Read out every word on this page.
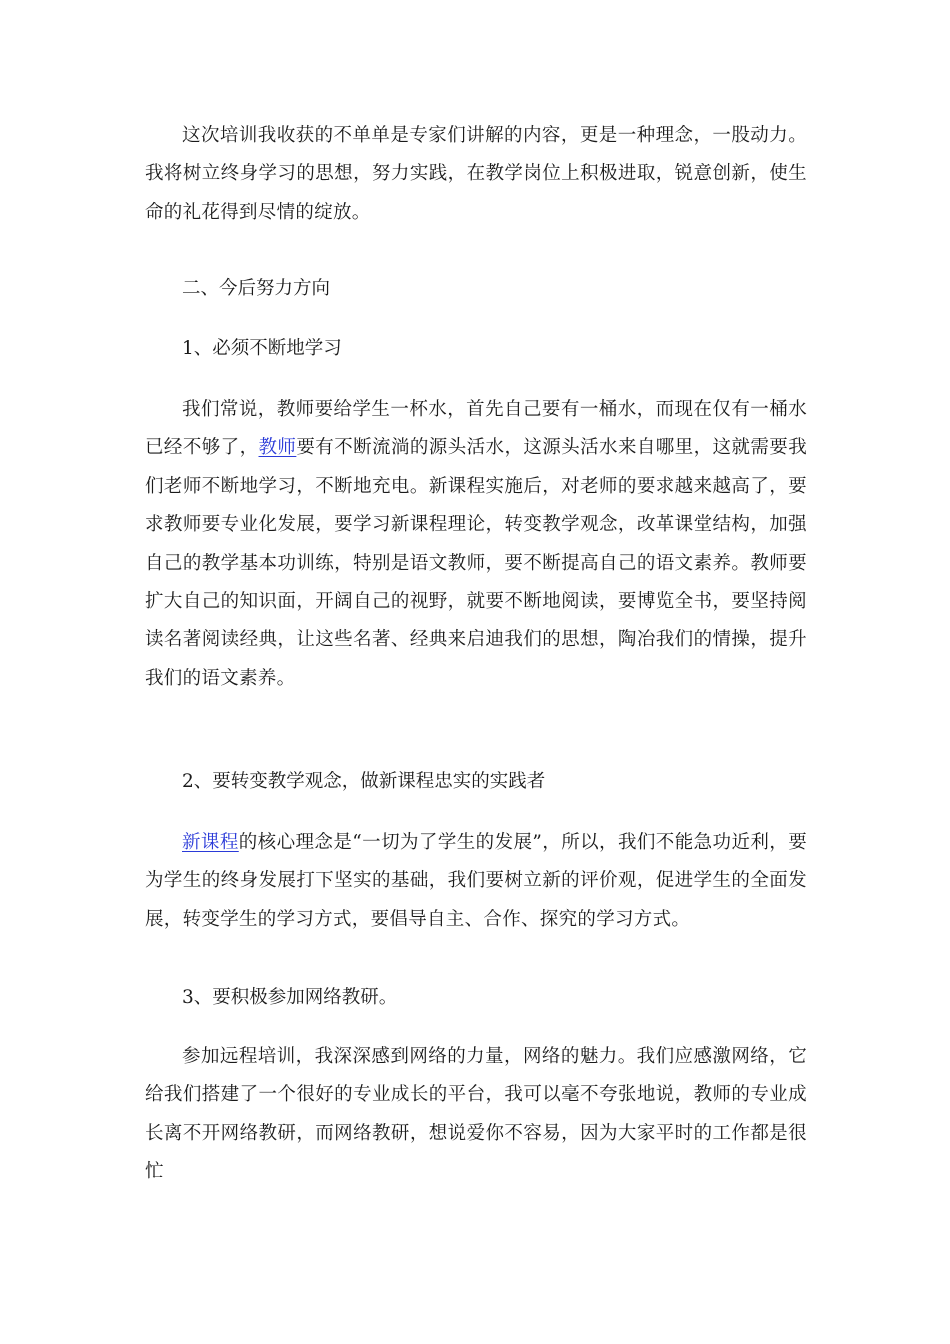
这次培训我收获的不单单是专家们讲解的内容，更是一种理念，一股动力。我将树立终身学习的思想，努力实践，在教学岗位上积极进取，锐意创新，使生命的礼花得到尽情的绽放。

二、今后努力方向

1、必须不断地学习

我们常说，教师要给学生一杯水，首先自己要有一桶水，而现在仅有一桶水已经不够了，教师要有不断流淌的源头活水，这源头活水来自哪里，这就需要我们老师不断地学习，不断地充电。新课程实施后，对老师的要求越来越高了，要求教师要专业化发展，要学习新课程理论，转变教学观念，改革课堂结构，加强自己的教学基本功训练，特别是语文教师，要不断提高自己的语文素养。教师要扩大自己的知识面，开阔自己的视野，就要不断地阅读，要博览全书，要坚持阅读名著阅读经典，让这些名著、经典来启迪我们的思想，陶冶我们的情操，提升我们的语文素养。

2、要转变教学观念，做新课程忠实的实践者

新课程的核心理念是“一切为了学生的发展”，所以，我们不能急功近利，要为学生的终身发展打下坚实的基础，我们要树立新的评价观，促进学生的全面发展，转变学生的学习方式，要倡导自主、合作、探究的学习方式。

3、要积极参加网络教研。

参加远程培训，我深深感到网络的力量，网络的魅力。我们应感激网络，它给我们搭建了一个很好的专业成长的平台，我可以毫不夸张地说，教师的专业成长离不开网络教研，而网络教研，想说爱你不容易，因为大家平时的工作都是很忙
